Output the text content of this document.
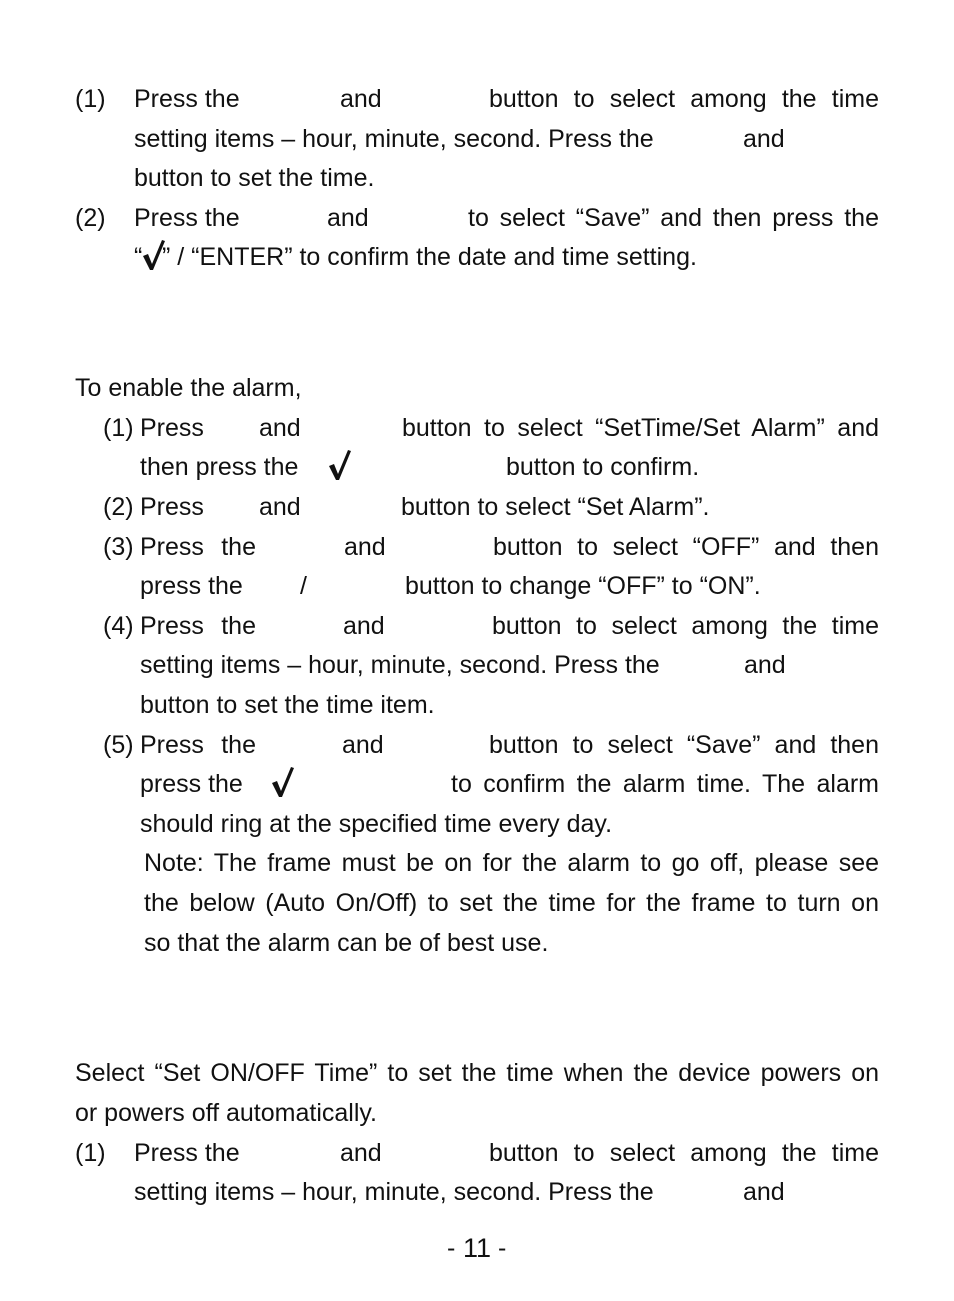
(1) Press the	and	button to select among the time
setting items – hour, minute, second. Press the	and
button to set the time.
(2) Press the	and	to select “Save” and then press the
“ ” / “ENTER” to confirm the date and time setting.
To enable the alarm,
(1) Press and	button to select “SetTime/Set Alarm” and
then press the	button to confirm.
(2) Press and	button to select “Set Alarm”.
(3) Press the	and	button to select “OFF” and then
press the /	button to change “OFF” to “ON”.
(4) Press the	and	button to select among the time
setting items – hour, minute, second. Press the	and
button to set the time item.
(5) Press the	and	button to select “Save” and then
press the	to confirm the alarm time. The alarm
should ring at the specified time every day.
Note: The frame must be on for the alarm to go off, please see
the below (Auto On/Off) to set the time for the frame to turn on
so that the alarm can be of best use.
Select “Set ON/OFF Time” to set the time when the device powers on
or powers off automatically.
(1) Press the	and	button to select among the time
setting items – hour, minute, second. Press the	and
- 11 -
